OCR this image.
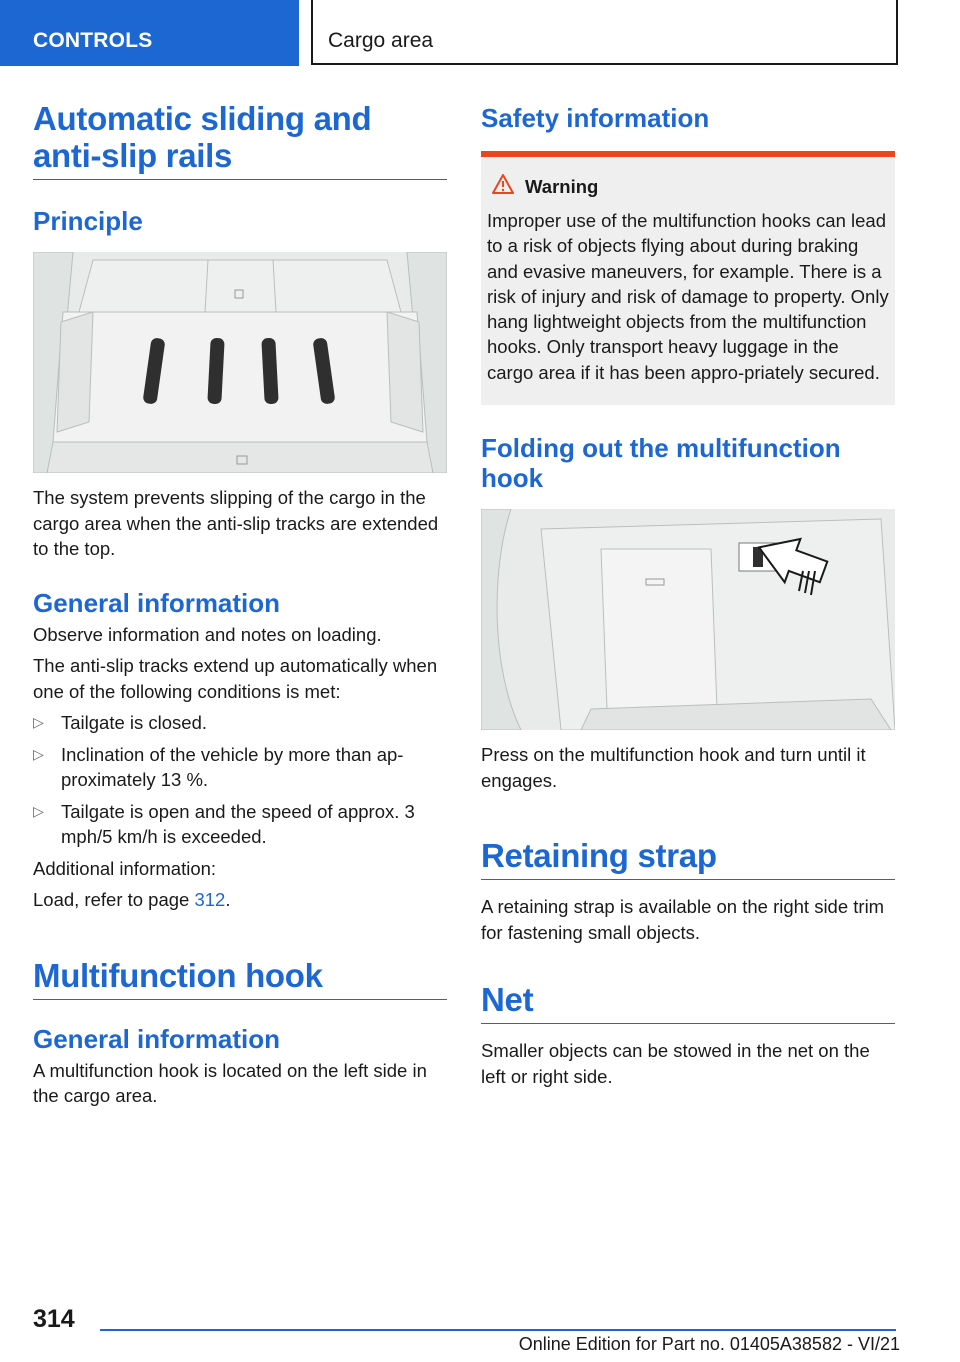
CONTROLS	Cargo area
Automatic sliding and anti-slip rails
Principle

The system prevents slipping of the cargo in the cargo area when the anti-slip tracks are extended to the top.

General information

Observe information and notes on loading.

The anti-slip tracks extend up automatically when one of the following conditions is met:

▷ Tailgate is closed.
▷ Inclination of the vehicle by more than ap-proximately 13 %.
▷ Tailgate is open and the speed of approx. 3 mph/5 km/h is exceeded.

Additional information:

Load, refer to page 312.

Multifunction hook
General information

A multifunction hook is located on the left side in the cargo area.

Safety information
Warning

Improper use of the multifunction hooks can lead to a risk of objects flying about during braking and evasive maneuvers, for example. There is a risk of injury and risk of damage to property. Only hang lightweight objects from the multifunction hooks. Only transport heavy luggage in the cargo area if it has been appro-priately secured.

Folding out the multifunction hook

Press on the multifunction hook and turn until it engages.

Retaining strap

A retaining strap is available on the right side trim for fastening small objects.

Net

Smaller objects can be stowed in the net on the left or right side.

314
Online Edition for Part no. 01405A38582 - VI/21
